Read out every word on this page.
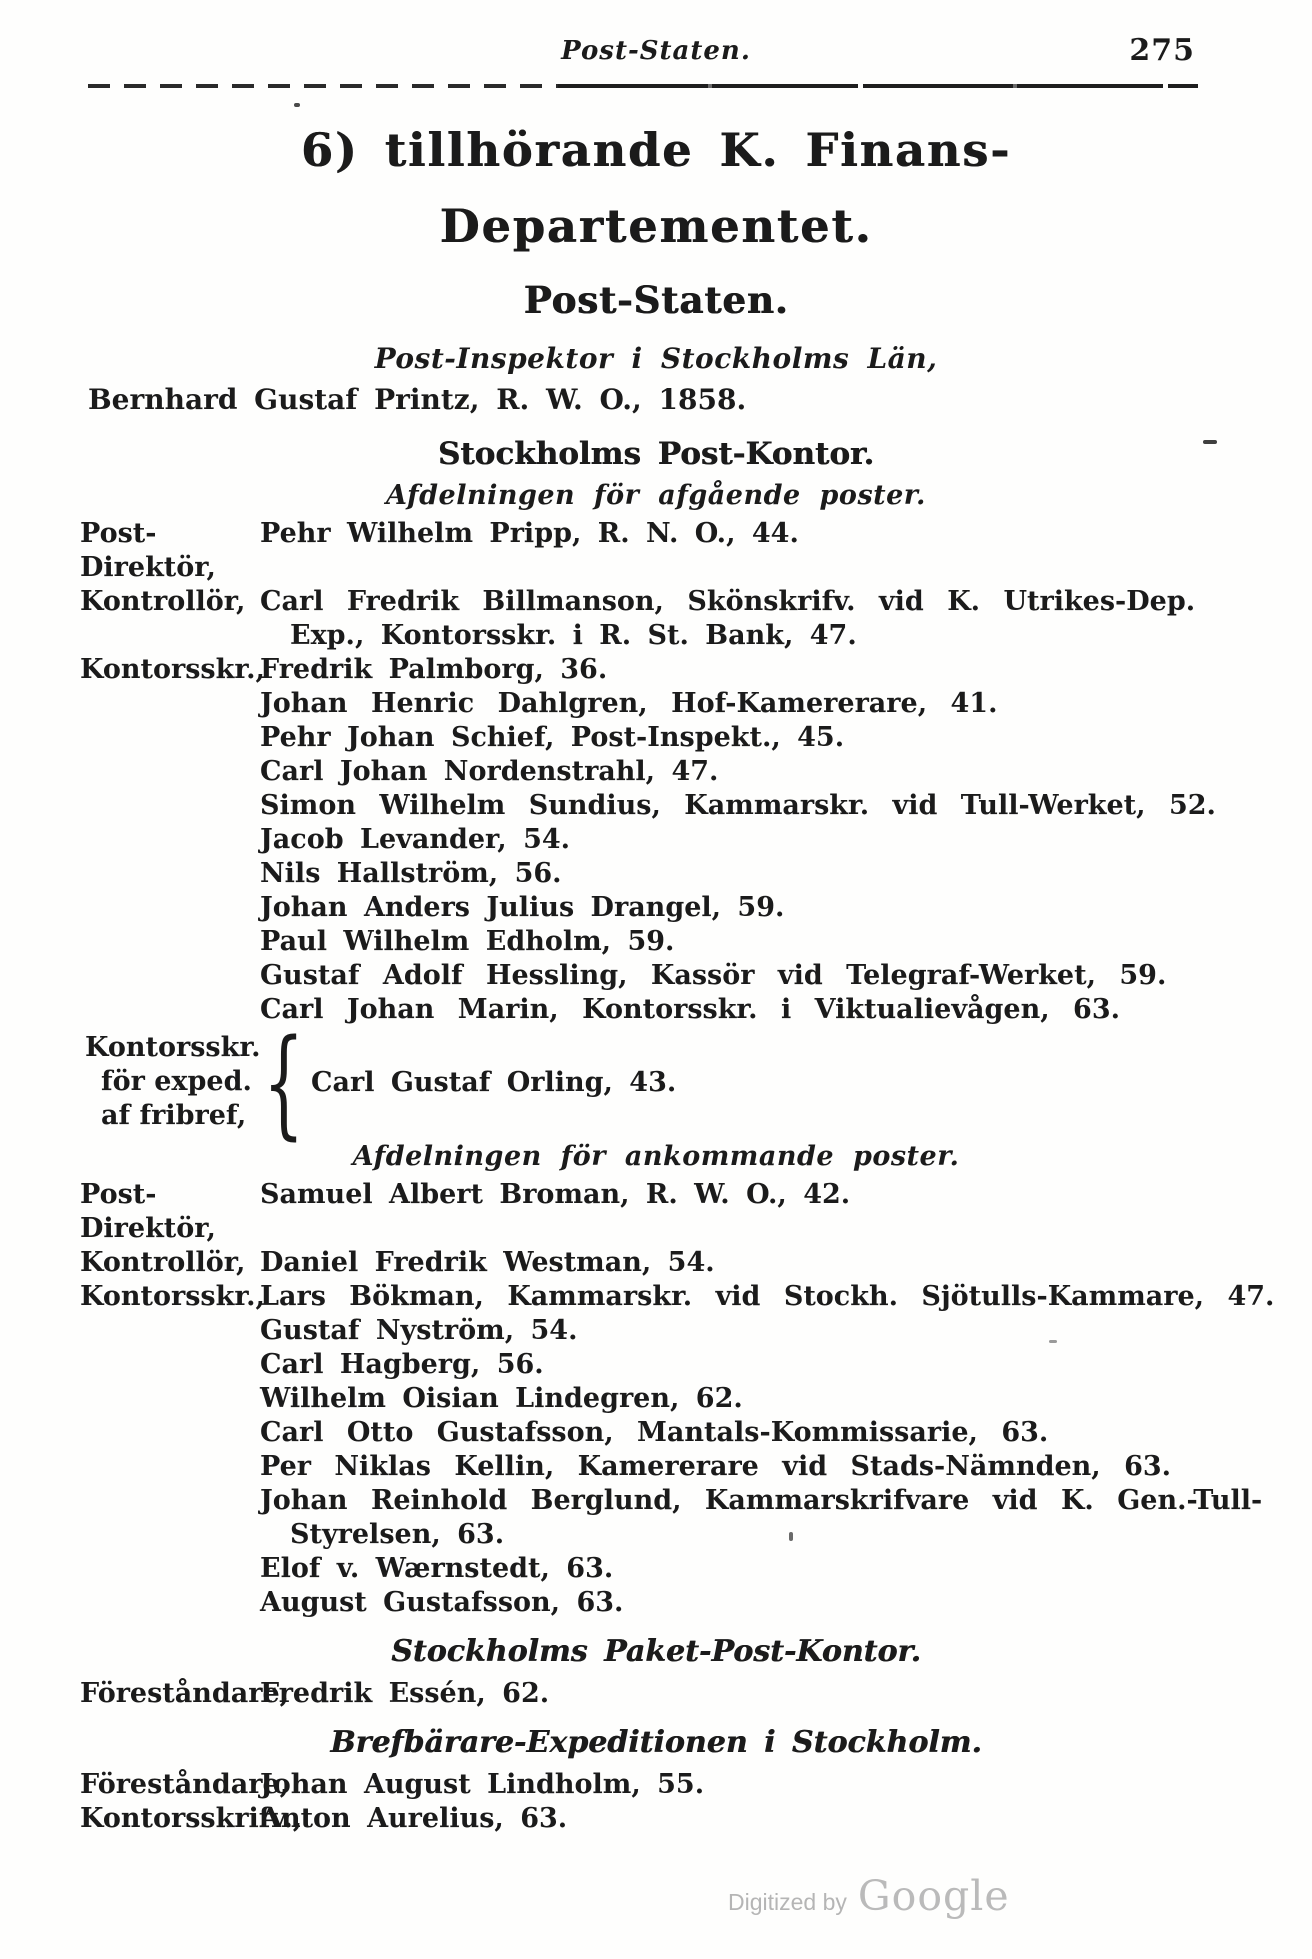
Post-Staten.	275
6) tillhörande K. Finans-
Departementet.
Post-Staten.
Post-Inspektor i Stockholms Län,
Bernhard Gustaf Printz, R. W. O., 1858.
Stockholms Post-Kontor.
Afdelningen för afgående poster.
Post-Direktör,
Pehr Wilhelm Pripp, R. N. O., 44.
Kontrollör, Carl Fredrik Billmanson, Skönskrifv. vid K. Utrikes-Dep.
Exp., Kontorsskr. i R. St. Bank, 47.
Kontorsskr.,
Fredrik Palmborg, 36.
Johan Henric Dahlgren, Hof-Kamererare, 41.
Pehr Johan Schief, Post-Inspekt., 45.
Carl Johan Nordenstrahl, 47.
Simon Wilhelm Sundius, Kammarskr. vid Tull-Werket, 52.
Jacob Levander, 54.
Nils Hallström, 56.
Johan Anders Julius Drangel, 59.
Paul Wilhelm Edholm, 59.
Gustaf Adolf Hessling, Kassör vid Telegraf-Werket, 59.
Carl Johan Marin, Kontorsskr. i Viktualievågen, 63.
Kontorsskr.
för exped.
af fribref, { Carl Gustaf Orling, 43.
Afdelningen för ankommande poster.
Post-Direktör,
Samuel Albert Broman, R. W. O., 42.
Kontrollör, Daniel Fredrik Westman, 54.
Kontorsskr.,
Lars Bökman, Kammarskr. vid Stockh. Sjötulls-Kammare, 47.
Gustaf Nyström, 54.
Carl Hagberg, 56.
Wilhelm Oisian Lindegren, 62.
Carl Otto Gustafsson, Mantals-Kommissarie, 63.
Per Niklas Kellin, Kamererare vid Stads-Nämnden, 63.
Johan Reinhold Berglund, Kammarskrifvare vid K. Gen.-Tull-
Styrelsen, 63.
Elof v. Wærnstedt, 63.
August Gustafsson, 63.
Stockholms Paket-Post-Kontor.
Föreståndare,
Fredrik Essén, 62.
Brefbärare-Expeditionen i Stockholm.
Föreståndare,
Johan August Lindholm, 55.
Kontorsskrifv.,
Anton Aurelius, 63.
Digitized by Google
